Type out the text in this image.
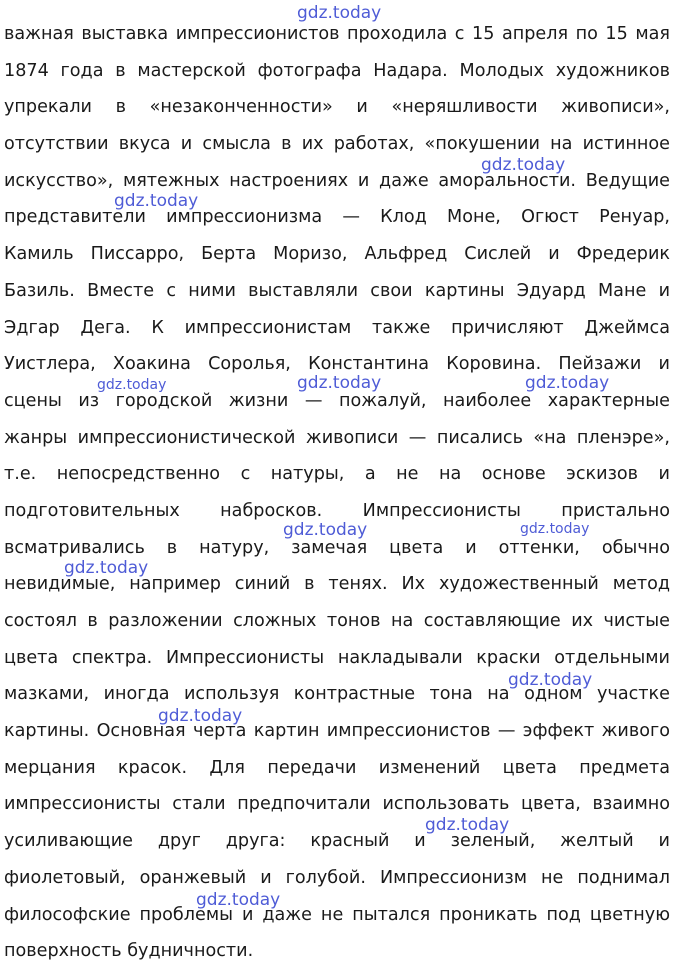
важная выставка импрессионистов проходила с 15 апреля по 15 мая
1874 года в мастерской фотографа Надара. Молодых художников
упрекали в «незаконченности» и «неряшливости живописи»,
отсутствии вкуса и смысла в их работах, «покушении на истинное
искусство», мятежных настроениях и даже аморальности. Ведущие
представители импрессионизма — Клод Моне, Огюст Ренуар,
Камиль Писсарро, Берта Моризо, Альфред Сислей и Фредерик
Базиль. Вместе с ними выставляли свои картины Эдуард Мане и
Эдгар Дега. К импрессионистам также причисляют Джеймса
Уистлера, Хоакина Соролья, Константина Коровина. Пейзажи и
сцены из городской жизни — пожалуй, наиболее характерные
жанры импрессионистической живописи — писались «на пленэре»,
т.е. непосредственно с натуры, а не на основе эскизов и
подготовительных набросков. Импрессионисты пристально
всматривались в натуру, замечая цвета и оттенки, обычно
невидимые, например синий в тенях. Их художественный метод
состоял в разложении сложных тонов на составляющие их чистые
цвета спектра. Импрессионисты накладывали краски отдельными
мазками, иногда используя контрастные тона на одном участке
картины. Основная черта картин импрессионистов — эффект живого
мерцания красок. Для передачи изменений цвета предмета
импрессионисты стали предпочитали использовать цвета, взаимно
усиливающие друг друга: красный и зеленый, желтый и
фиолетовый, оранжевый и голубой. Импрессионизм не поднимал
философские проблемы и даже не пытался проникать под цветную
поверхность будничности.
gdz.today
gdz.today
gdz.today
gdz.today	gdz.today	gdz.today
gdz.today	gdz.today
gdz.today
gdz.today
gdz.today
gdz.today
gdz.today
